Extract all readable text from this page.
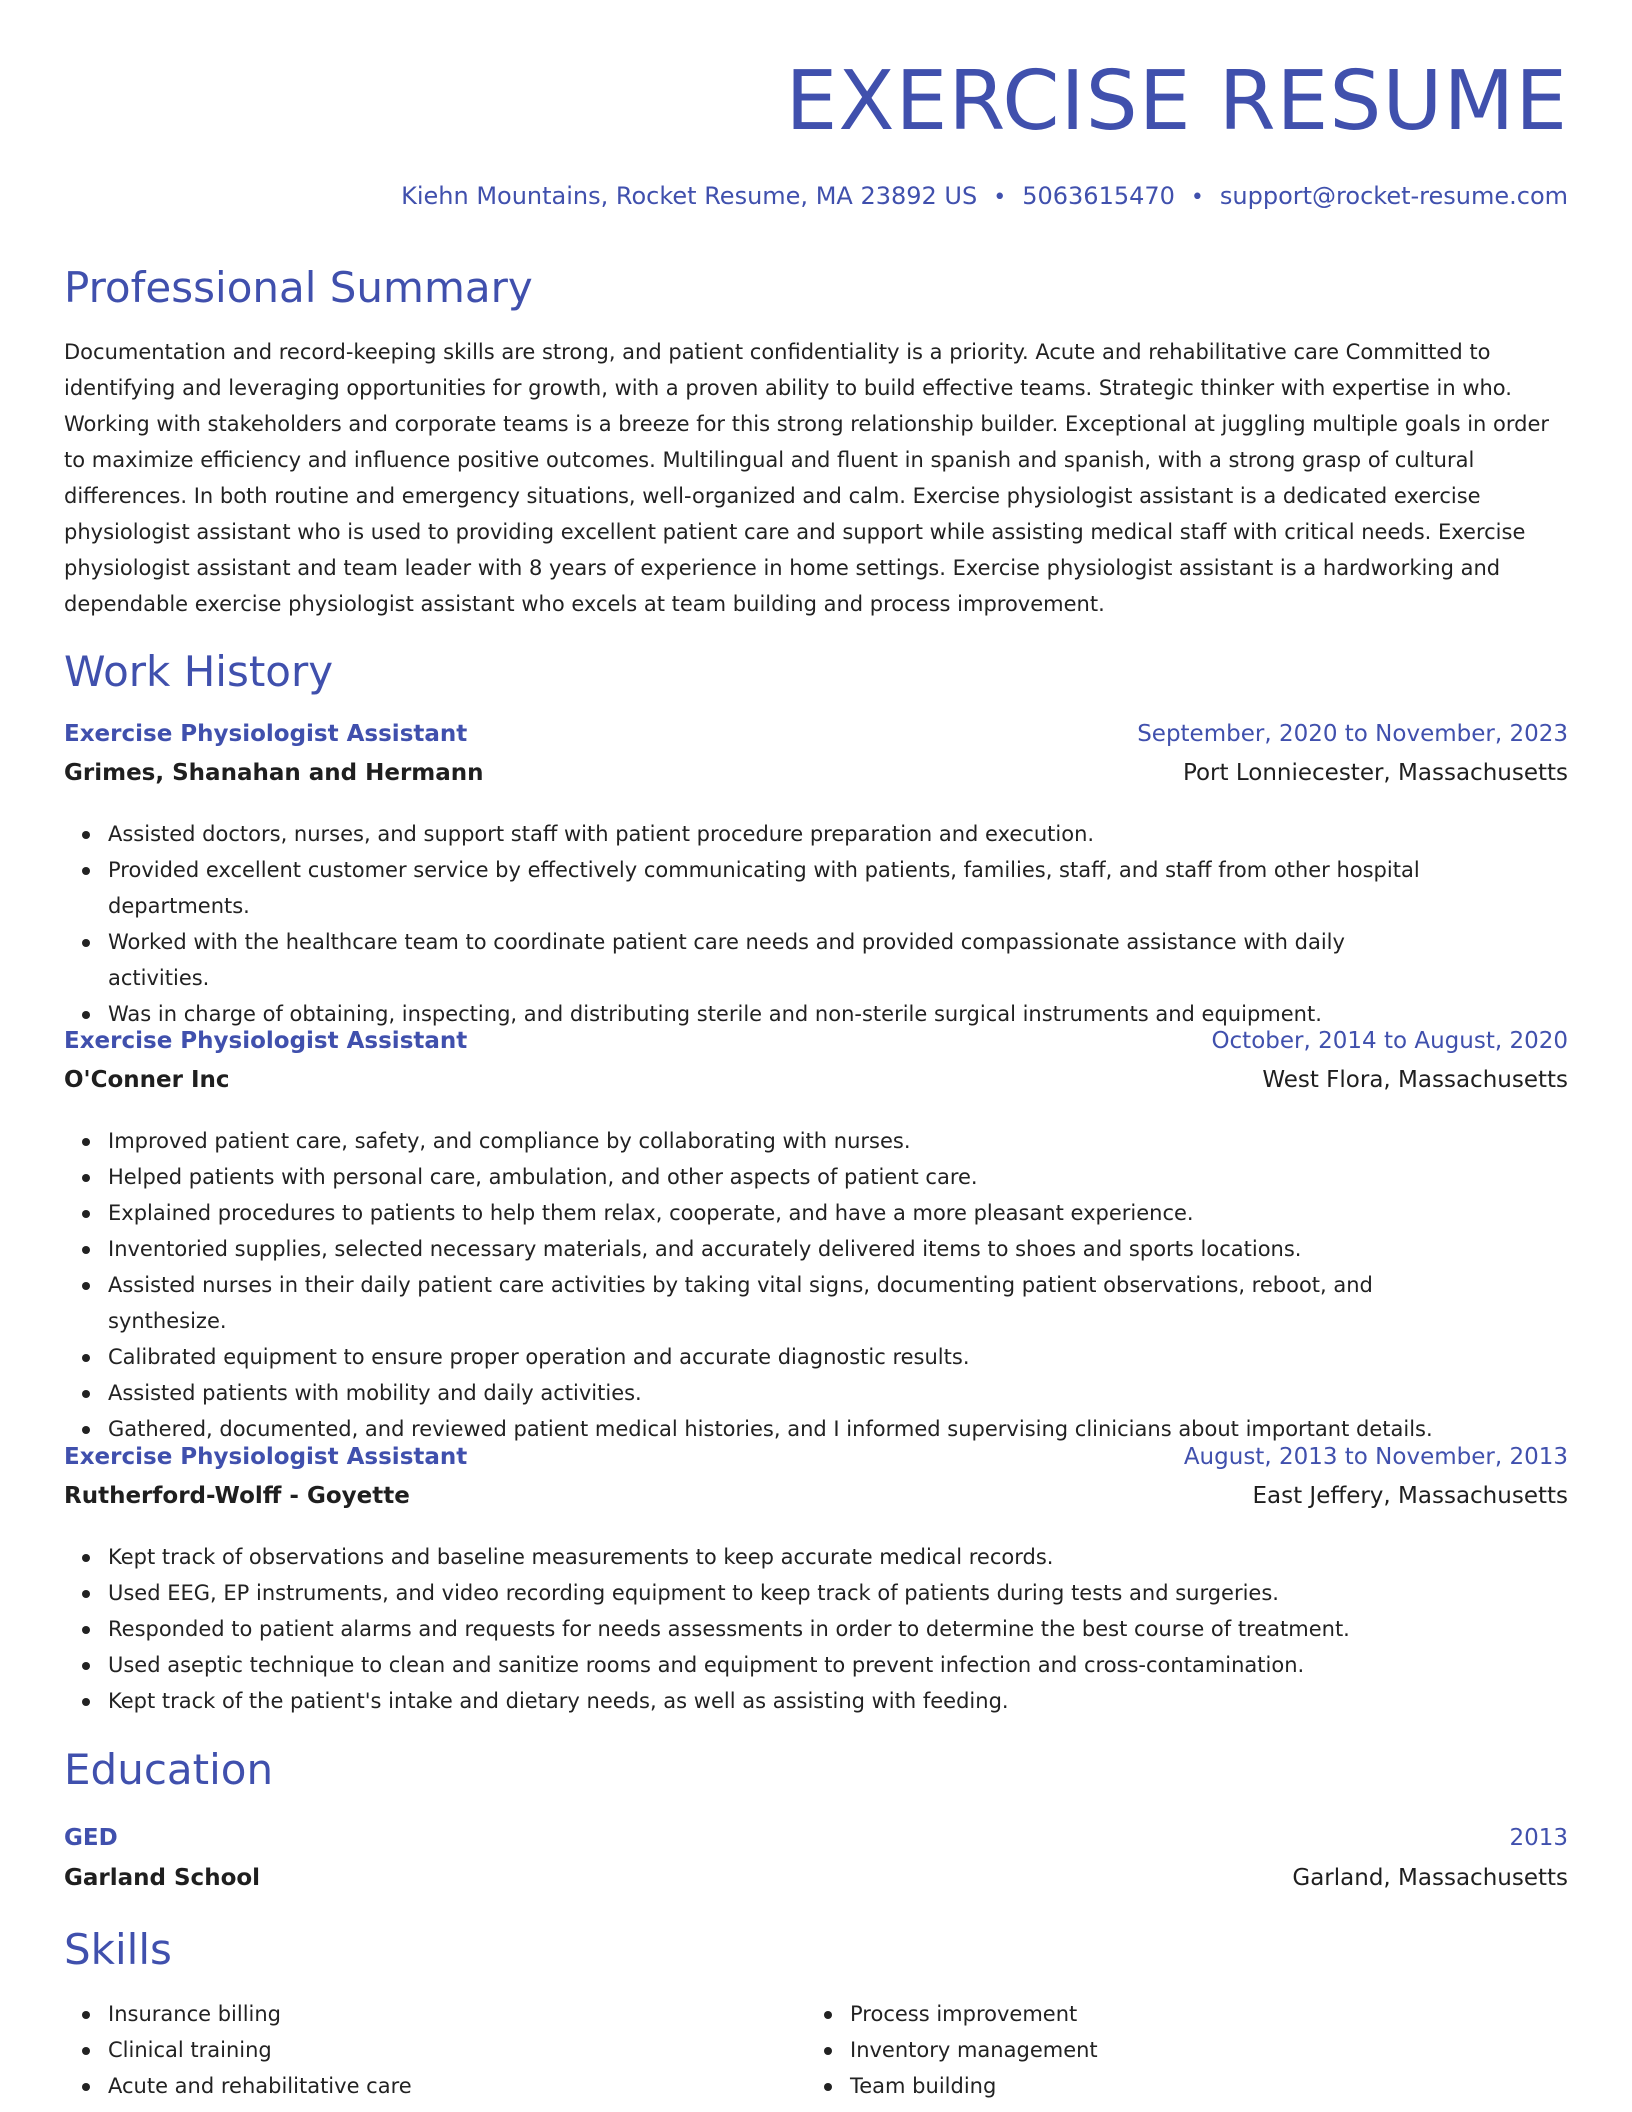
EXERCISE RESUME
Kiehn Mountains, Rocket Resume, MA 23892 US • 5063615470 • support@rocket-resume.com
Professional Summary
Documentation and record-keeping skills are strong, and patient confidentiality is a priority. Acute and rehabilitative care Committed to identifying and leveraging opportunities for growth, with a proven ability to build effective teams. Strategic thinker with expertise in who. Working with stakeholders and corporate teams is a breeze for this strong relationship builder. Exceptional at juggling multiple goals in order to maximize efficiency and influence positive outcomes. Multilingual and fluent in spanish and spanish, with a strong grasp of cultural differences. In both routine and emergency situations, well-organized and calm. Exercise physiologist assistant is a dedicated exercise physiologist assistant who is used to providing excellent patient care and support while assisting medical staff with critical needs. Exercise physiologist assistant and team leader with 8 years of experience in home settings. Exercise physiologist assistant is a hardworking and dependable exercise physiologist assistant who excels at team building and process improvement.
Work History
Exercise Physiologist Assistant	September, 2020 to November, 2023
Grimes, Shanahan and Hermann	Port Lonniecester, Massachusetts
Assisted doctors, nurses, and support staff with patient procedure preparation and execution.
Provided excellent customer service by effectively communicating with patients, families, staff, and staff from other hospital departments.
Worked with the healthcare team to coordinate patient care needs and provided compassionate assistance with daily activities.
Was in charge of obtaining, inspecting, and distributing sterile and non-sterile surgical instruments and equipment.
Exercise Physiologist Assistant	October, 2014 to August, 2020
O'Conner Inc	West Flora, Massachusetts
Improved patient care, safety, and compliance by collaborating with nurses.
Helped patients with personal care, ambulation, and other aspects of patient care.
Explained procedures to patients to help them relax, cooperate, and have a more pleasant experience.
Inventoried supplies, selected necessary materials, and accurately delivered items to shoes and sports locations.
Assisted nurses in their daily patient care activities by taking vital signs, documenting patient observations, reboot, and synthesize.
Calibrated equipment to ensure proper operation and accurate diagnostic results.
Assisted patients with mobility and daily activities.
Gathered, documented, and reviewed patient medical histories, and I informed supervising clinicians about important details.
Exercise Physiologist Assistant	August, 2013 to November, 2013
Rutherford-Wolff - Goyette	East Jeffery, Massachusetts
Kept track of observations and baseline measurements to keep accurate medical records.
Used EEG, EP instruments, and video recording equipment to keep track of patients during tests and surgeries.
Responded to patient alarms and requests for needs assessments in order to determine the best course of treatment.
Used aseptic technique to clean and sanitize rooms and equipment to prevent infection and cross-contamination.
Kept track of the patient's intake and dietary needs, as well as assisting with feeding.
Education
GED	2013
Garland School	Garland, Massachusetts
Skills
Insurance billing
Clinical training
Acute and rehabilitative care
Process improvement
Inventory management
Team building
